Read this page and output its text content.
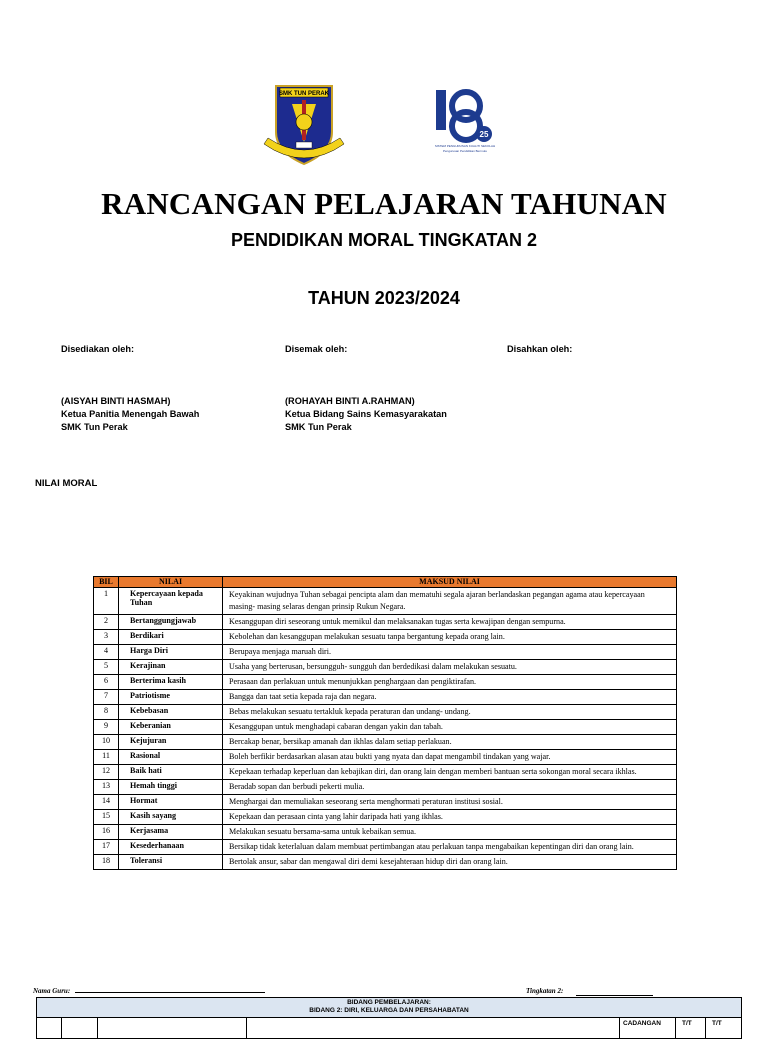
SMK TUN PERAK
25
SISTEM PENGURUSAN KUALITI SEKOLAH
Pengurusan Pendidikan Bermutu
RANCANGAN PELAJARAN TAHUNAN
PENDIDIKAN MORAL TINGKATAN 2
TAHUN 2023/2024
Disediakan oleh:
(AISYAH BINTI HASMAH)
Ketua Panitia Menengah Bawah
SMK Tun Perak
Disemak oleh:
(ROHAYAH BINTI A.RAHMAN)
Ketua Bidang Sains Kemasyarakatan
SMK Tun Perak
Disahkan oleh:
NILAI MORAL
BIL	NILAI	MAKSUD NILAI
1	Kepercayaan kepada Tuhan	Keyakinan wujudnya Tuhan sebagai pencipta alam dan mematuhi segala ajaran berlandaskan pegangan agama atau kepercayaan masing- masing selaras dengan prinsip Rukun Negara.
2	Bertanggungjawab	Kesanggupan diri seseorang untuk memikul dan melaksanakan tugas serta kewajipan dengan sempurna.
3	Berdikari	Kebolehan dan kesanggupan melakukan sesuatu tanpa bergantung kepada orang lain.
4	Harga Diri	Berupaya menjaga maruah diri.
5	Kerajinan	Usaha yang berterusan, bersungguh- sungguh dan berdedikasi dalam melakukan sesuatu.
6	Berterima kasih	Perasaan dan perlakuan untuk menunjukkan penghargaan dan pengiktirafan.
7	Patriotisme	Bangga dan taat setia kepada raja dan negara.
8	Kebebasan	Bebas melakukan sesuatu tertakluk kepada peraturan dan undang- undang.
9	Keberanian	Kesanggupan untuk menghadapi cabaran dengan yakin dan tabah.
10	Kejujuran	Bercakap benar, bersikap amanah dan ikhlas dalam setiap perlakuan.
11	Rasional	Boleh berfikir berdasarkan alasan atau bukti yang nyata dan dapat mengambil tindakan yang wajar.
12	Baik hati	Kepekaan terhadap keperluan dan kebajikan diri, dan orang lain dengan memberi bantuan serta sokongan moral secara ikhlas.
13	Hemah tinggi	Beradab sopan dan berbudi pekerti mulia.
14	Hormat	Menghargai dan memuliakan seseorang serta menghormati peraturan institusi sosial.
15	Kasih sayang	Kepekaan dan perasaan cinta yang lahir daripada hati yang ikhlas.
16	Kerjasama	Melakukan sesuatu bersama-sama untuk kebaikan semua.
17	Kesederhanaan	Bersikap tidak keterlaluan dalam membuat pertimbangan atau perlakuan tanpa mengabaikan kepentingan diri dan orang lain.
18	Toleransi	Bertolak ansur, sabar dan mengawal diri demi kesejahteraan hidup diri dan orang lain.
Nama Guru:	Tingkatan 2:
BIDANG PEMBELAJARAN:
BIDANG 2: DIRI, KELUARGA DAN PERSAHABATAN
CADANGAN	T/T	T/T
